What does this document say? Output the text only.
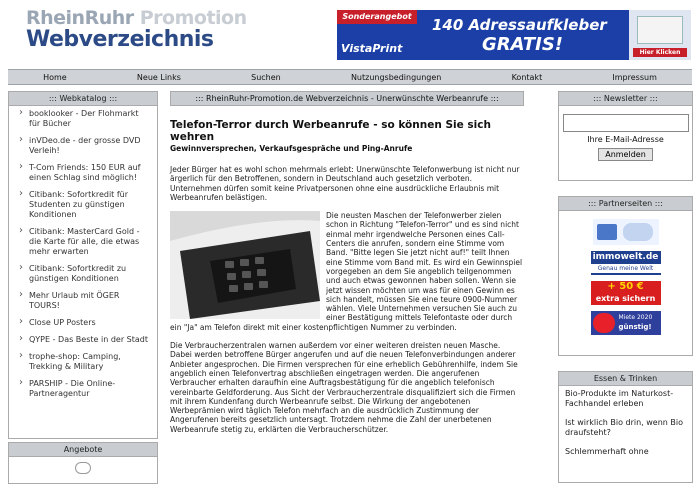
RheinRuhr Promotion
Webverzeichnis
Sonderangebot	140 Adressaufkleber
GRATIS!
VistaPrint	Hier Klicken
Home	Neue Links	Suchen	Nutzungsbedingungen	Kontakt	Impressum
::: Webkatalog :::
› booklooker - Der Flohmarkt für Bücher
› inVDeo.de - der grosse DVD Verleih!
› T-Com Friends: 150 EUR auf einen Schlag sind möglich!
› Citibank: Sofortkredit für Studenten zu günstigen Konditionen
› Citibank: MasterCard Gold - die Karte für alle, die etwas mehr erwarten
› Citibank: Sofortkredit zu günstigen Konditionen
› Mehr Urlaub mit ÖGER TOURS!
› Close UP Posters
› QYPE - Das Beste in der Stadt
› trophe-shop: Camping, Trekking & Military
› PARSHIP - Die Online-Partneragentur
Angebote
::: RheinRuhr-Promotion.de Webverzeichnis - Unerwünschte Werbeanrufe :::
Telefon-Terror durch Werbeanrufe - so können Sie sich wehren
Gewinnversprechen, Verkaufsgespräche und Ping-Anrufe

Jeder Bürger hat es wohl schon mehrmals erlebt: Unerwünschte Telefonwerbung ist nicht nur ärgerlich für den Betroffenen, sondern in Deutschland auch gesetzlich verboten. Unternehmen dürfen somit keine Privatpersonen ohne eine ausdrückliche Erlaubnis mit Werbeanrufen belästigen.

Die neusten Maschen der Telefonwerber zielen schon in Richtung "Telefon-Terror" und es sind nicht einmal mehr irgendwelche Personen eines Call-Centers die anrufen, sondern eine Stimme vom Band. "Bitte legen Sie jetzt nicht auf!" teilt Ihnen eine Stimme vom Band mit. Es wird ein Gewinnspiel vorgegeben an dem Sie angeblich teilgenommen und auch etwas gewonnen haben sollen. Wenn sie jetzt wissen möchten um was für einen Gewinn es sich handelt, müssen Sie eine teure 0900-Nummer wählen. Viele Unternehmen versuchen Sie auch zu einer Bestätigung mittels Telefontaste oder durch ein "Ja" am Telefon direkt mit einer kostenpflichtigen Nummer zu verbinden.

Die Verbraucherzentralen warnen außerdem vor einer weiteren dreisten neuen Masche. Dabei werden betroffene Bürger angerufen und auf die neuen Telefonverbindungen anderer Anbieter angesprochen. Die Firmen versprechen für eine erheblich Gebührenhilfe, indem Sie angeblich einen Telefonvertrag abschließen eingetragen werden. Die angerufenen Verbraucher erhalten daraufhin eine Auftragsbestätigung für die angeblich telefonisch vereinbarte Geldforderung. Aus Sicht der Verbraucherzentrale disqualifiziert sich die Firmen mit ihrem Kundenfang durch Werbeanrufe selbst. Die Wirkung der angebotenen Werbeprämien wird täglich Telefon mehrfach an die ausdrücklich Zustimmung der Angerufenen bereits gesetzlich untersagt. Trotzdem nehme die Zahl der unerbetenen Werbeanrufe stetig zu, erklärten die Verbraucherschützer.

::: Newsletter :::
Ihre E-Mail-Adresse
Anmelden
::: Partnerseiten :::
immowelt.de
Genau meine Welt
+ 50 €
extra sichern
Miete 2020
günstig!
Essen & Trinken
Bio-Produkte im Naturkost-Fachhandel erleben
Ist wirklich Bio drin, wenn Bio draufsteht?
Schlemmerhaft ohne
